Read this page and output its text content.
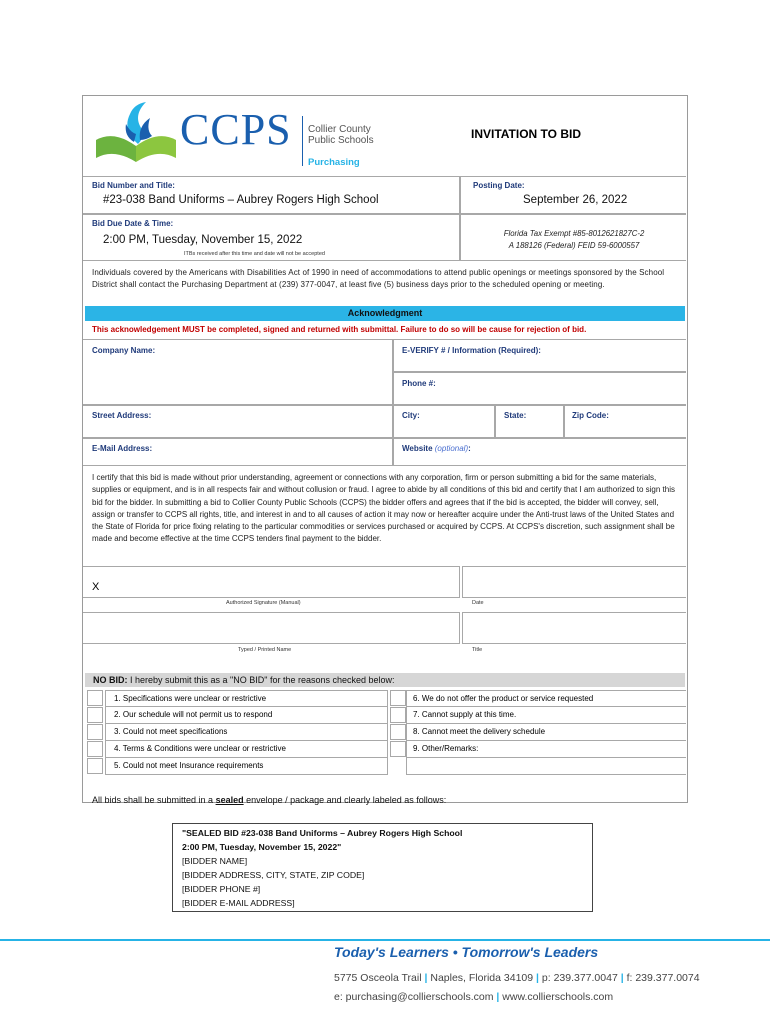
CCPS Collier County
Public Schools
Purchasing
INVITATION TO BID
Bid Number and Title:
#23-038 Band Uniforms – Aubrey Rogers High School
Posting Date:
September 26, 2022
Bid Due Date & Time:
2:00 PM, Tuesday, November 15, 2022
ITBs received after this time and date will not be accepted
Florida Tax Exempt #85-8012621827C-2
A 188126 (Federal) FEID 59-6000557
Individuals covered by the Americans with Disabilities Act of 1990 in need of accommodations to attend public openings or meetings sponsored by the School District shall contact the Purchasing Department at (239) 377-0047, at least five (5) business days prior to the scheduled opening or meeting.
Acknowledgment
This acknowledgement MUST be completed, signed and returned with submittal. Failure to do so will be cause for rejection of bid.
Company Name:	E-VERIFY # / Information (Required):
Phone #:
Street Address:	City:	State:	Zip Code:
E-Mail Address:	Website (optional):
I certify that this bid is made without prior understanding, agreement or connections with any corporation, firm or person submitting a bid for the same materials, supplies or equipment, and is in all respects fair and without collusion or fraud. I agree to abide by all conditions of this bid and certify that I am authorized to sign this bid for the bidder. In submitting a bid to Collier County Public Schools (CCPS) the bidder offers and agrees that if the bid is accepted, the bidder will convey, sell, assign or transfer to CCPS all rights, title, and interest in and to all causes of action it may now or hereafter acquire under the Anti-trust laws of the United States and the State of Florida for price fixing relating to the particular commodities or services purchased or acquired by CCPS. At CCPS's discretion, such assignment shall be made and become effective at the time CCPS tenders final payment to the bidder.
X
Authorized Signature (Manual)	Date
Typed / Printed Name	Title
NO BID: I hereby submit this as a "NO BID" for the reasons checked below:
1. Specifications were unclear or restrictive
2. Our schedule will not permit us to respond
3. Could not meet specifications
4. Terms & Conditions were unclear or restrictive
5. Could not meet Insurance requirements
6. We do not offer the product or service requested
7. Cannot supply at this time.
8. Cannot meet the delivery schedule
9. Other/Remarks:
All bids shall be submitted in a sealed envelope / package and clearly labeled as follows:
"SEALED BID #23-038 Band Uniforms – Aubrey Rogers High School
2:00 PM, Tuesday, November 15, 2022"
[BIDDER NAME]
[BIDDER ADDRESS, CITY, STATE, ZIP CODE]
[BIDDER PHONE #]
[BIDDER E-MAIL ADDRESS]
Today's Learners • Tomorrow's Leaders
5775 Osceola Trail | Naples, Florida 34109 | p: 239.377.0047 | f: 239.377.0074
e: purchasing@collierschools.com | www.collierschools.com
